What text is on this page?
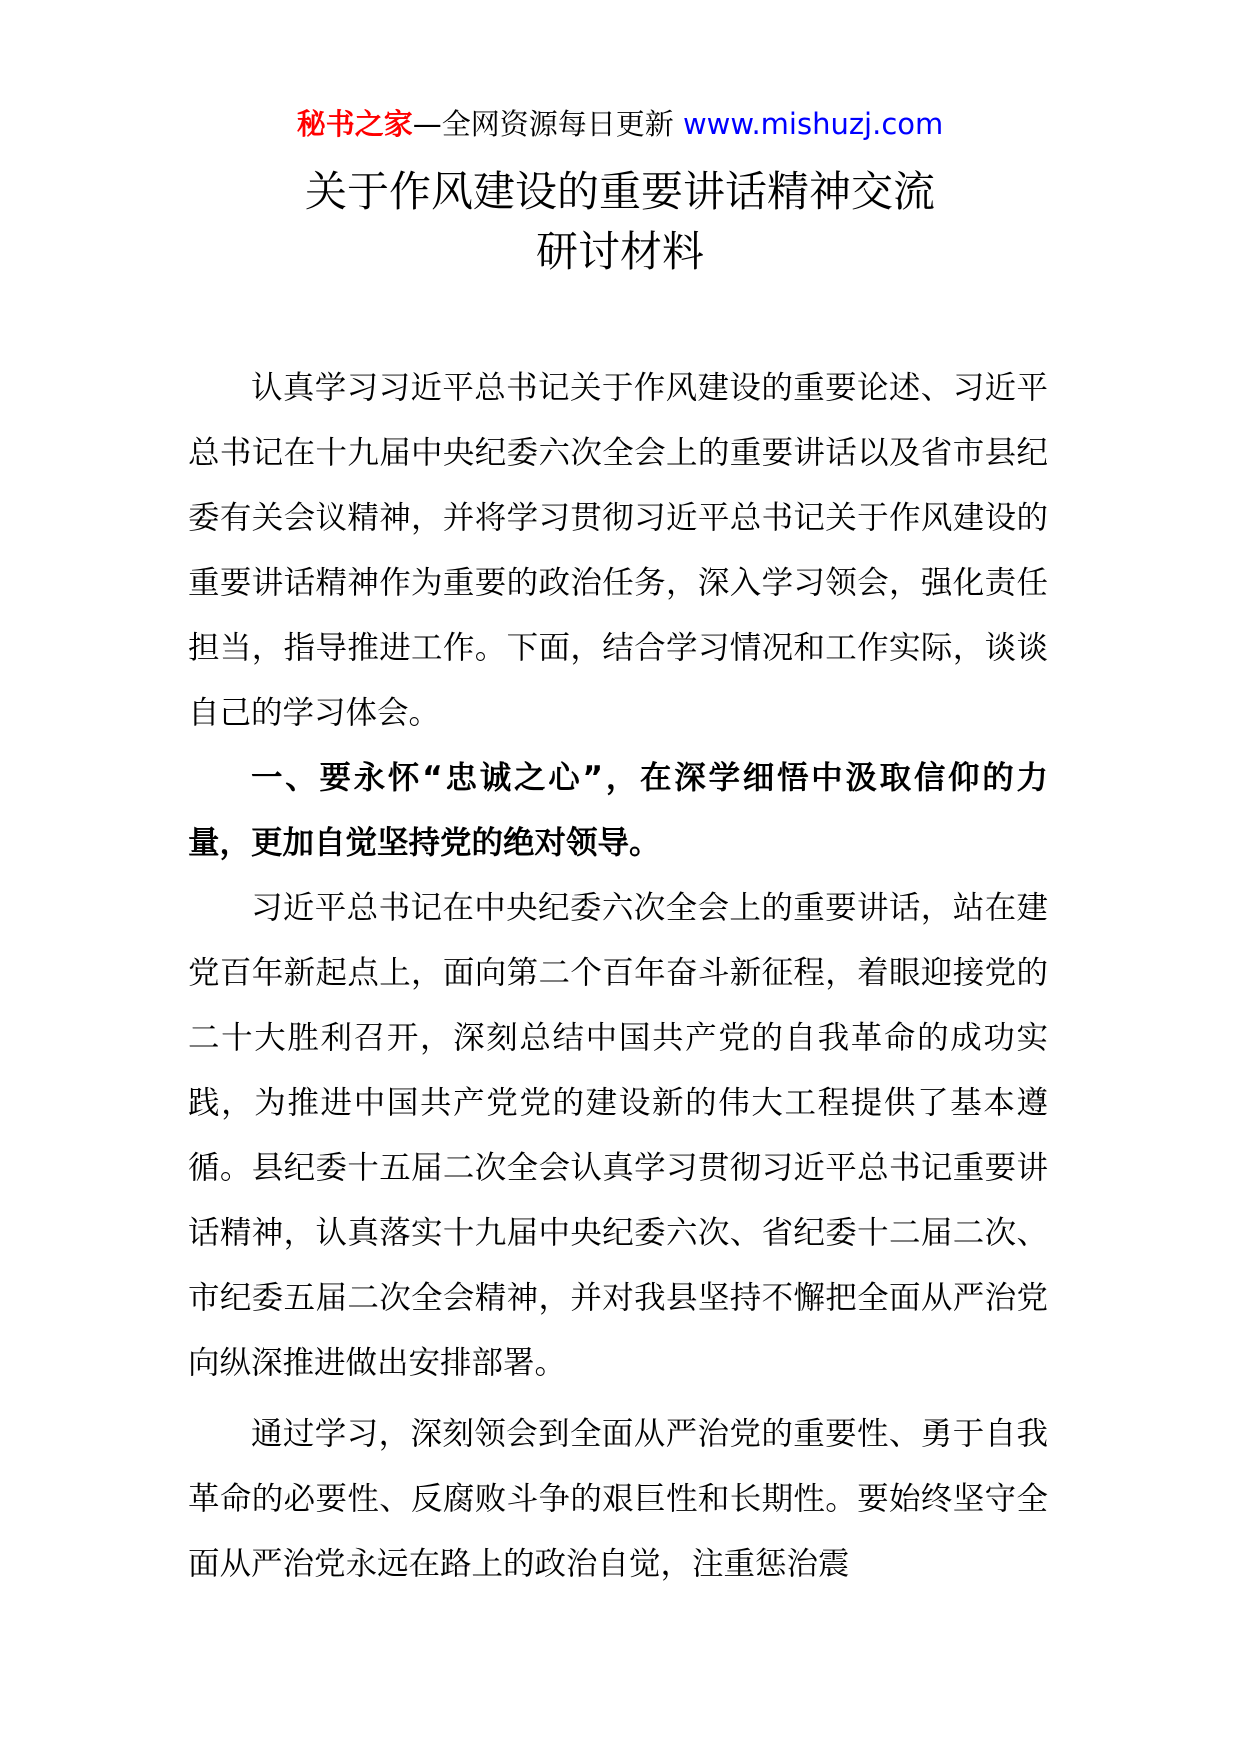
秘书之家—全网资源每日更新 www.mishuzj.com
关于作风建设的重要讲话精神交流
研讨材料

认真学习习近平总书记关于作风建设的重要论述、习近平总书记在十九届中央纪委六次全会上的重要讲话以及省市县纪委有关会议精神，并将学习贯彻习近平总书记关于作风建设的重要讲话精神作为重要的政治任务，深入学习领会，强化责任担当，指导推进工作。下面，结合学习情况和工作实际，谈谈自己的学习体会。

一、要永怀“忠诚之心”，在深学细悟中汲取信仰的力量，更加自觉坚持党的绝对领导。

习近平总书记在中央纪委六次全会上的重要讲话，站在建党百年新起点上，面向第二个百年奋斗新征程，着眼迎接党的二十大胜利召开，深刻总结中国共产党的自我革命的成功实践，为推进中国共产党党的建设新的伟大工程提供了基本遵循。县纪委十五届二次全会认真学习贯彻习近平总书记重要讲话精神，认真落实十九届中央纪委六次、省纪委十二届二次、市纪委五届二次全会精神，并对我县坚持不懈把全面从严治党向纵深推进做出安排部署。

通过学习，深刻领会到全面从严治党的重要性、勇于自我革命的必要性、反腐败斗争的艰巨性和长期性。要始终坚守全面从严治党永远在路上的政治自觉，注重惩治震
